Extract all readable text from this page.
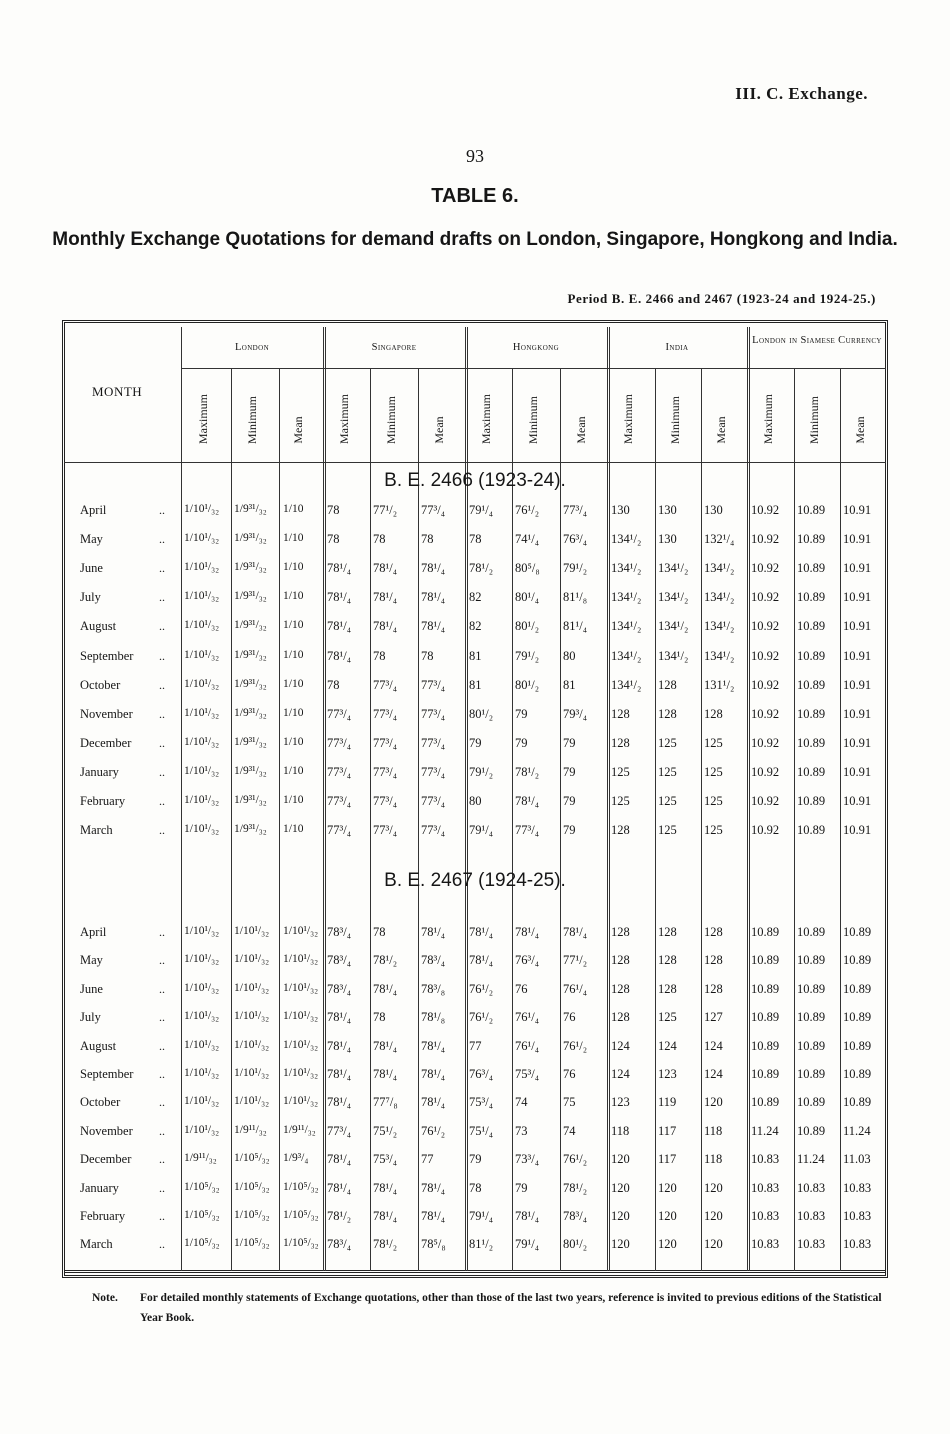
III. C. Exchange.
93
TABLE 6.
Monthly Exchange Quotations for demand drafts on London, Singapore, Hongkong and India.
Period B. E. 2466 and 2467 (1923-24 and 1924-25.)
London	Singapore	Hongkong	India
London in Siamese Currency
MONTH
Maximum	Minimum	Mean	Maximum	Minimum	Mean	Maximum	Minimum	Mean	Maximum	Minimum	Mean	Maximum	Minimum	Mean
B. E. 2466 (1923-24).
B. E. 2467 (1924-25).
April	.. 1/10¹/₃₂ 1/9³¹/₃₂ 1/10 78	77¹/₂ 77³/₄ 79¹/₄ 76¹/₂ 77³/₄ 130 130 130 10.92 10.89 10.91
May	.. 1/10¹/₃₂ 1/9³¹/₃₂ 1/10 78	78	78	78	74¹/₄ 76³/₄ 134¹/₂ 130 132¹/₄ 10.92 10.89 10.91
June	.. 1/10¹/₃₂ 1/9³¹/₃₂ 1/10 78¹/₄ 78¹/₄ 78¹/₄ 78¹/₂ 80⁵/₈ 79¹/₂ 134¹/₂ 134¹/₂ 134¹/₂ 10.92 10.89 10.91
July	.. 1/10¹/₃₂ 1/9³¹/₃₂ 1/10 78¹/₄ 78¹/₄ 78¹/₄ 82	80¹/₄ 81¹/₈ 134¹/₂ 134¹/₂ 134¹/₂ 10.92 10.89 10.91
August	.. 1/10¹/₃₂ 1/9³¹/₃₂ 1/10 78¹/₄ 78¹/₄ 78¹/₄ 82	80¹/₂ 81¹/₄ 134¹/₂ 134¹/₂ 134¹/₂ 10.92 10.89 10.91
September .. 1/10¹/₃₂ 1/9³¹/₃₂ 1/10 78¹/₄ 78	78	81	79¹/₂ 80	134¹/₂ 134¹/₂ 134¹/₂ 10.92 10.89 10.91
October	.. 1/10¹/₃₂ 1/9³¹/₃₂ 1/10 78	77³/₄ 77³/₄ 81	80¹/₂ 81	134¹/₂ 128 131¹/₂ 10.92 10.89 10.91
November .. 1/10¹/₃₂ 1/9³¹/₃₂ 1/10 77³/₄ 77³/₄ 77³/₄ 80¹/₂ 79	79³/₄ 128 128 128 10.92 10.89 10.91
December .. 1/10¹/₃₂ 1/9³¹/₃₂ 1/10 77³/₄ 77³/₄ 77³/₄ 79	79	79	128 125 125 10.92 10.89 10.91
January	.. 1/10¹/₃₂ 1/9³¹/₃₂ 1/10 77³/₄ 77³/₄ 77³/₄ 79¹/₂ 78¹/₂ 79	125 125 125 10.92 10.89 10.91
February	.. 1/10¹/₃₂ 1/9³¹/₃₂ 1/10 77³/₄ 77³/₄ 77³/₄ 80	78¹/₄ 79	125 125 125 10.92 10.89 10.91
March	.. 1/10¹/₃₂ 1/9³¹/₃₂ 1/10 77³/₄ 77³/₄ 77³/₄ 79¹/₄ 77³/₄ 79	128 125 125 10.92 10.89 10.91
April	.. 1/10¹/₃₂ 1/10¹/₃₂ 1/10¹/₃₂ 78³/₄ 78	78¹/₄ 78¹/₄ 78¹/₄ 78¹/₄ 128 128 128 10.89 10.89 10.89
May	.. 1/10¹/₃₂ 1/10¹/₃₂ 1/10¹/₃₂ 78³/₄ 78¹/₂ 78³/₄ 78¹/₄ 76³/₄ 77¹/₂ 128 128 128 10.89 10.89 10.89
June	.. 1/10¹/₃₂ 1/10¹/₃₂ 1/10¹/₃₂ 78³/₄ 78¹/₄ 78³/₈ 76¹/₂ 76	76¹/₄ 128 128 128 10.89 10.89 10.89
July	.. 1/10¹/₃₂ 1/10¹/₃₂ 1/10¹/₃₂ 78¹/₄ 78	78¹/₈ 76¹/₂ 76¹/₄ 76	128 125 127 10.89 10.89 10.89
August	.. 1/10¹/₃₂ 1/10¹/₃₂ 1/10¹/₃₂ 78¹/₄ 78¹/₄ 78¹/₄ 77	76¹/₄ 76¹/₂ 124 124 124 10.89 10.89 10.89
September .. 1/10¹/₃₂ 1/10¹/₃₂ 1/10¹/₃₂ 78¹/₄ 78¹/₄ 78¹/₄ 76³/₄ 75³/₄ 76	124 123 124 10.89 10.89 10.89
October	.. 1/10¹/₃₂ 1/10¹/₃₂ 1/10¹/₃₂ 78¹/₄ 77⁷/₈ 78¹/₄ 75³/₄ 74	75	123 119 120 10.89 10.89 10.89
November .. 1/10¹/₃₂ 1/9¹¹/₃₂ 1/9¹¹/₃₂ 77³/₄ 75¹/₂ 76¹/₂ 75¹/₄ 73	74	118 117 118 11.24 10.89 11.24
December .. 1/9¹¹/₃₂ 1/10⁵/₃₂ 1/9³/₄ 78¹/₄ 75³/₄ 77	79	73³/₄ 76¹/₂ 120 117 118 10.83 11.24 11.03
January	.. 1/10⁵/₃₂ 1/10⁵/₃₂ 1/10⁵/₃₂ 78¹/₄ 78¹/₄ 78¹/₄ 78	79	78¹/₂ 120 120 120 10.83 10.83 10.83
February	.. 1/10⁵/₃₂ 1/10⁵/₃₂ 1/10⁵/₃₂ 78¹/₂ 78¹/₄ 78¹/₄ 79¹/₄ 78¹/₄ 78³/₄ 120 120 120 10.83 10.83 10.83
March	.. 1/10⁵/₃₂ 1/10⁵/₃₂ 1/10⁵/₃₂ 78³/₄ 78¹/₂ 78⁵/₈ 81¹/₂ 79¹/₄ 80¹/₂ 120 120 120 10.83 10.83 10.83
Note. For detailed monthly statements of Exchange quotations, other than those of the last two years, reference is invited to previous editions of the Statistical Year Book.
